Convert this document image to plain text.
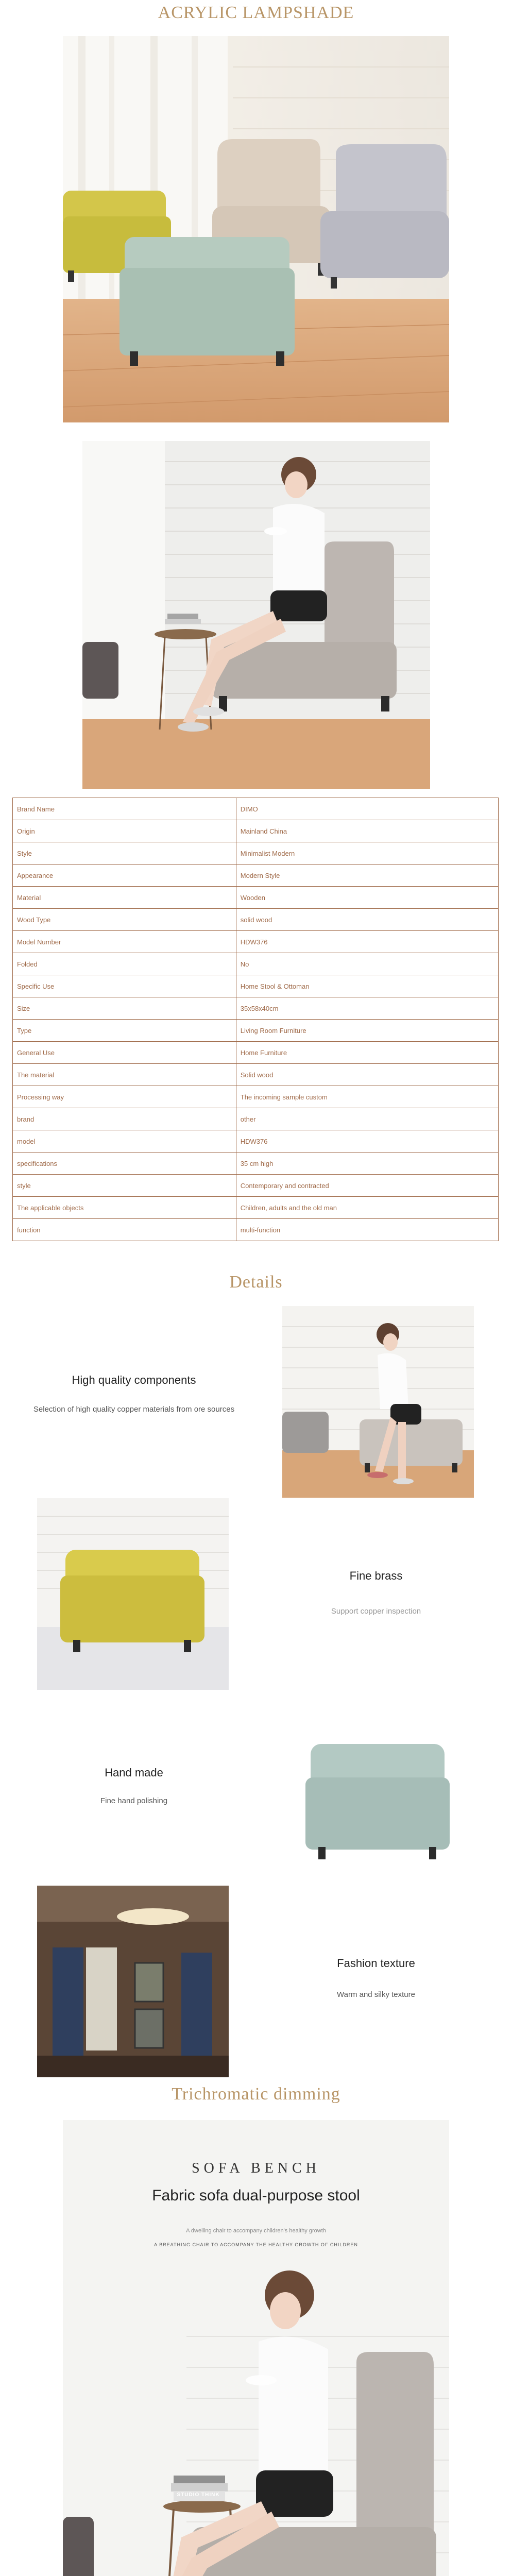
ACRYLIC LAMPSHADE
Brand Name	DIMO
Origin	Mainland China
Style	Minimalist Modern
Appearance	Modern Style
Material	Wooden
Wood Type	solid wood
Model Number	HDW376
Folded	No
Specific Use	Home Stool & Ottoman
Size	35x58x40cm
Type	Living Room Furniture
General Use	Home Furniture
The material	Solid wood
Processing way	The incoming sample custom
brand	other
model	HDW376
specifications	35 cm high
style	Contemporary and contracted
The applicable objects	Children, adults and the old man
function	multi-function
Details
High quality components
Selection of high quality copper materials from ore sources
Fine brass
Support copper inspection
Hand made
Fine hand polishing
Fashion texture
Warm and silky texture
Trichromatic dimming
SOFA BENCH
Fabric sofa dual-purpose stool
A dwelling chair to accompany children's healthy growth
A BREATHING CHAIR TO ACCOMPANY THE HEALTHY GROWTH OF CHILDREN
STUDIO THINK
